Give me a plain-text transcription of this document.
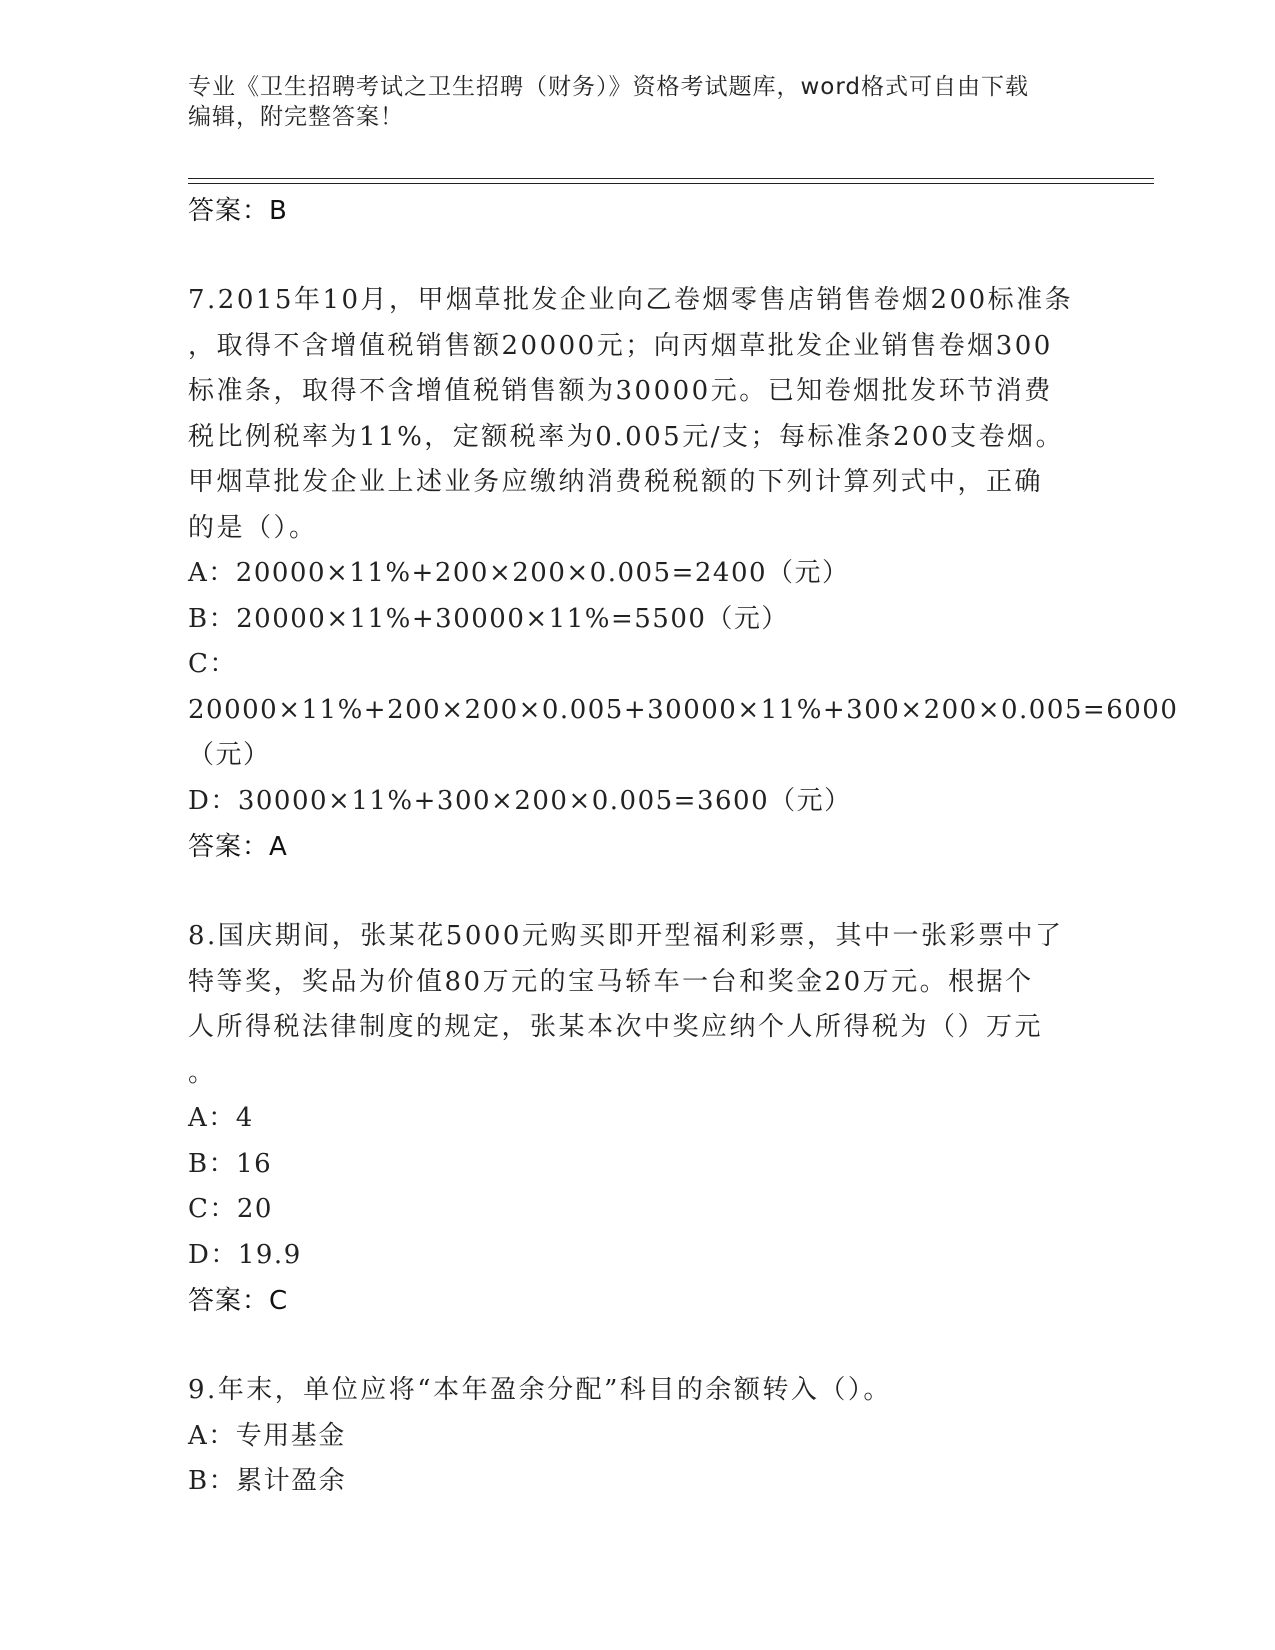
专业《卫生招聘考试之卫生招聘（财务）》资格考试题库，word格式可自由下载
编辑，附完整答案！
答案：B
7.2015年10月，甲烟草批发企业向乙卷烟零售店销售卷烟200标准条
，取得不含增值税销售额20000元；向丙烟草批发企业销售卷烟300
标准条，取得不含增值税销售额为30000元。已知卷烟批发环节消费
税比例税率为11%，定额税率为0.005元/支；每标准条200支卷烟。
甲烟草批发企业上述业务应缴纳消费税税额的下列计算列式中，正确
的是（）。
A：20000×11%+200×200×0.005=2400（元）
B：20000×11%+30000×11%=5500（元）
C：20000×11%+200×200×0.005+30000×11%+300×200×0.005=6000
（元）
D：30000×11%+300×200×0.005=3600（元）
答案：A
8.国庆期间，张某花5000元购买即开型福利彩票，其中一张彩票中了
特等奖，奖品为价值80万元的宝马轿车一台和奖金20万元。根据个
人所得税法律制度的规定，张某本次中奖应纳个人所得税为（）万元
。
A：4
B：16
C：20
D：19.9
答案：C
9.年末，单位应将“本年盈余分配”科目的余额转入（）。
A：专用基金
B：累计盈余
